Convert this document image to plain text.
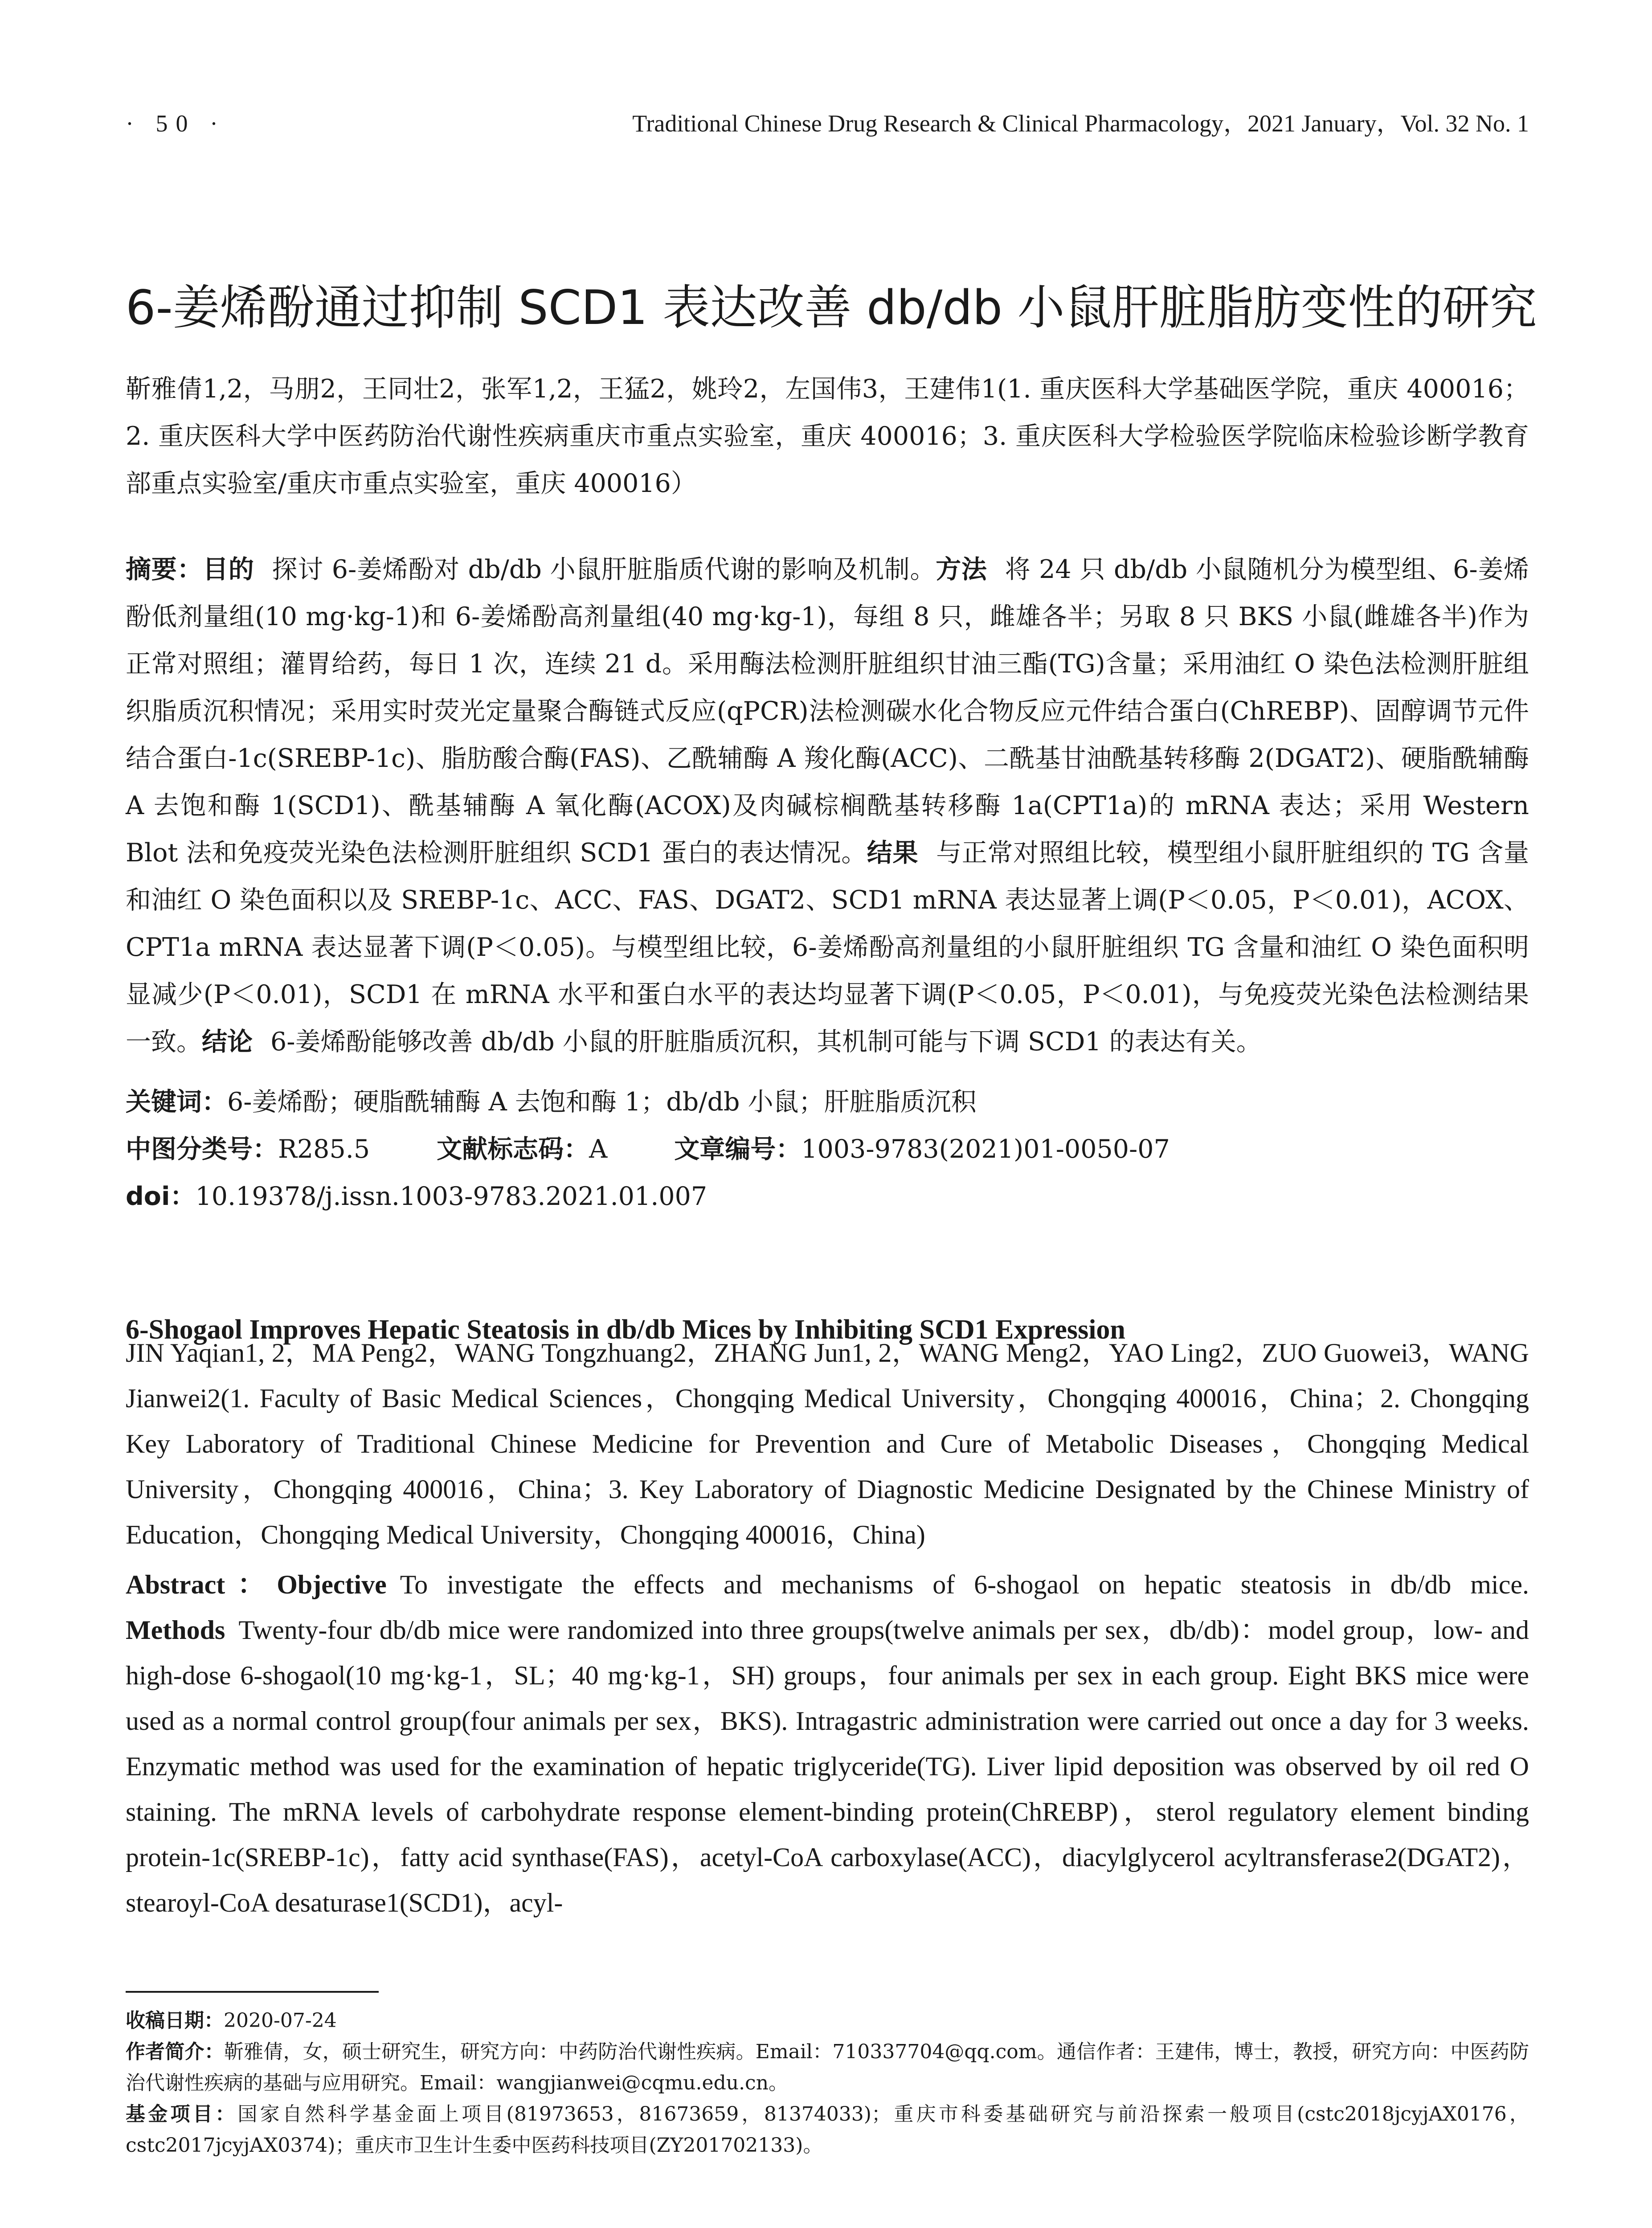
· 50 ·	Traditional Chinese Drug Research & Clinical Pharmacology，2021 January，Vol. 32 No. 1
6-姜烯酚通过抑制 SCD1 表达改善 db/db 小鼠肝脏脂肪变性的研究

靳雅倩1,2，马朋2，王同壮2，张军1,2，王猛2，姚玲2，左国伟3，王建伟1(1. 重庆医科大学基础医学院，重庆 400016；2. 重庆医科大学中医药防治代谢性疾病重庆市重点实验室，重庆 400016；3. 重庆医科大学检验医学院临床检验诊断学教育部重点实验室/重庆市重点实验室，重庆 400016）

摘要：目的 探讨 6-姜烯酚对 db/db 小鼠肝脏脂质代谢的影响及机制。方法 将 24 只 db/db 小鼠随机分为模型组、6-姜烯酚低剂量组(10 mg·kg-1)和 6-姜烯酚高剂量组(40 mg·kg-1)，每组 8 只，雌雄各半；另取 8 只 BKS 小鼠(雌雄各半)作为正常对照组；灌胃给药，每日 1 次，连续 21 d。采用酶法检测肝脏组织甘油三酯(TG)含量；采用油红 O 染色法检测肝脏组织脂质沉积情况；采用实时荧光定量聚合酶链式反应(qPCR)法检测碳水化合物反应元件结合蛋白(ChREBP)、固醇调节元件结合蛋白-1c(SREBP-1c)、脂肪酸合酶(FAS)、乙酰辅酶 A 羧化酶(ACC)、二酰基甘油酰基转移酶 2(DGAT2)、硬脂酰辅酶 A 去饱和酶 1(SCD1)、酰基辅酶 A 氧化酶(ACOX)及肉碱棕榈酰基转移酶 1a(CPT1a)的 mRNA 表达；采用 Western Blot 法和免疫荧光染色法检测肝脏组织 SCD1 蛋白的表达情况。结果 与正常对照组比较，模型组小鼠肝脏组织的 TG 含量和油红 O 染色面积以及 SREBP-1c、ACC、FAS、DGAT2、SCD1 mRNA 表达显著上调(P＜0.05，P＜0.01)，ACOX、CPT1a mRNA 表达显著下调(P＜0.05)。与模型组比较，6-姜烯酚高剂量组的小鼠肝脏组织 TG 含量和油红 O 染色面积明显减少(P＜0.01)，SCD1 在 mRNA 水平和蛋白水平的表达均显著下调(P＜0.05，P＜0.01)，与免疫荧光染色法检测结果一致。结论 6-姜烯酚能够改善 db/db 小鼠的肝脏脂质沉积，其机制可能与下调 SCD1 的表达有关。

关键词：6-姜烯酚；硬脂酰辅酶 A 去饱和酶 1；db/db 小鼠；肝脏脂质沉积
中图分类号：R285.5	文献标志码：A	文章编号：1003-9783(2021)01-0050-07
doi：10.19378/j.issn.1003-9783.2021.01.007
6-Shogaol Improves Hepatic Steatosis in db/db Mices by Inhibiting SCD1 Expression

JIN Yaqian1, 2，MA Peng2，WANG Tongzhuang2，ZHANG Jun1, 2，WANG Meng2，YAO Ling2，ZUO Guowei3，WANG Jianwei2(1. Faculty of Basic Medical Sciences，Chongqing Medical University，Chongqing 400016，China；2. Chongqing Key Laboratory of Traditional Chinese Medicine for Prevention and Cure of Metabolic Diseases，Chongqing Medical University，Chongqing 400016，China；3. Key Laboratory of Diagnostic Medicine Designated by the Chinese Ministry of Education，Chongqing Medical University，Chongqing 400016，China)

Abstract：Objective To investigate the effects and mechanisms of 6-shogaol on hepatic steatosis in db/db mice. Methods Twenty-four db/db mice were randomized into three groups(twelve animals per sex，db/db)：model group，low- and high-dose 6-shogaol(10 mg·kg-1，SL；40 mg·kg-1，SH) groups，four animals per sex in each group. Eight BKS mice were used as a normal control group(four animals per sex，BKS). Intragastric administration were carried out once a day for 3 weeks. Enzymatic method was used for the examination of hepatic triglyceride(TG). Liver lipid deposition was observed by oil red O staining. The mRNA levels of carbohydrate response element-binding protein(ChREBP)，sterol regulatory element binding protein-1c(SREBP-1c)，fatty acid synthase(FAS)，acetyl-CoA carboxylase(ACC)，diacylglycerol acyltransferase2(DGAT2)，stearoyl-CoA desaturase1(SCD1)，acyl-

收稿日期：2020-07-24

作者简介：靳雅倩，女，硕士研究生，研究方向：中药防治代谢性疾病。Email：710337704@qq.com。通信作者：王建伟，博士，教授，研究方向：中医药防治代谢性疾病的基础与应用研究。Email：wangjianwei@cqmu.edu.cn。

基金项目：国家自然科学基金面上项目(81973653，81673659，81374033)；重庆市科委基础研究与前沿探索一般项目(cstc2018jcyjAX0176，cstc2017jcyjAX0374)；重庆市卫生计生委中医药科技项目(ZY201702133)。
